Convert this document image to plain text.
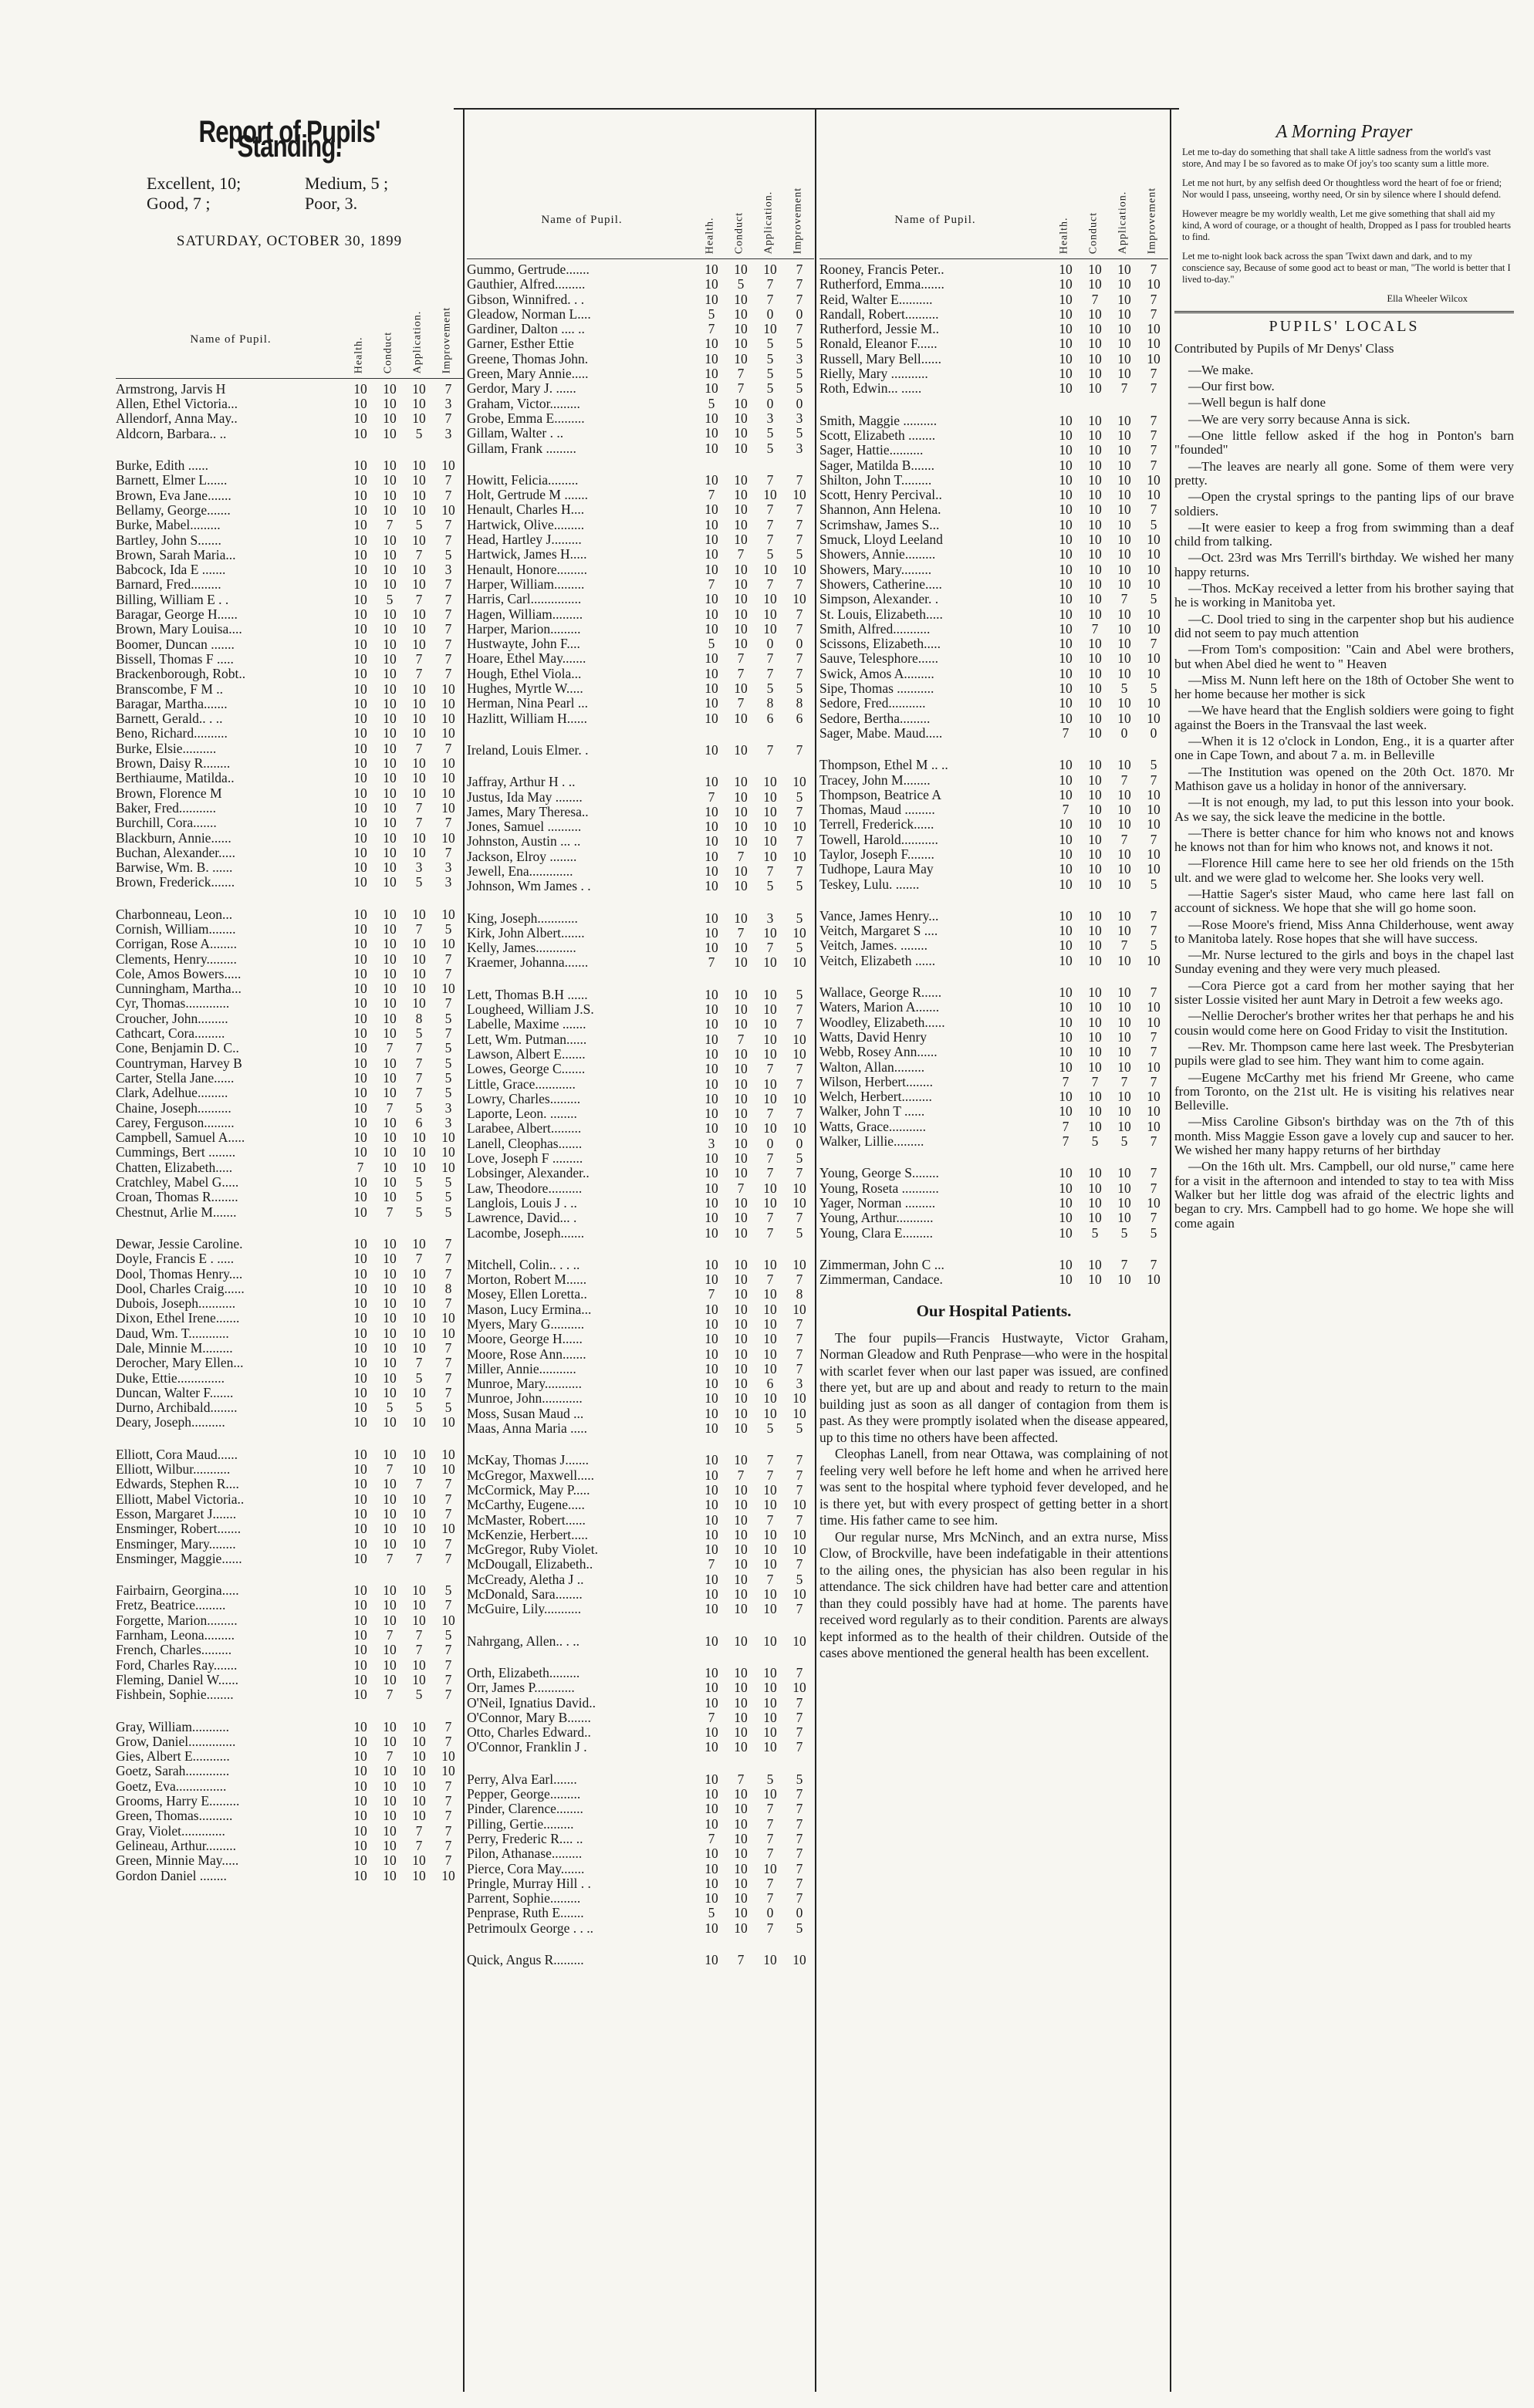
Report of Pupils' Standing.
Excellent, 10;	Medium, 5 ;
Good, 7 ;	Poor, 3.
SATURDAY, OCTOBER 30, 1899
Name of Pupil.	Health. Conduct Application. Improvement
Armstrong, Jarvis H	10	10	10	7
Allen, Ethel Victoria...	10	10	10	3
Allendorf, Anna May..	10	10	10	7
Aldcorn, Barbara.. ..	10	10	5	3

Burke, Edith ......	10	10	10	10
Barnett, Elmer L......	10	10	10	7
Brown, Eva Jane.......	10	10	10	7
Bellamy, George.......	10	10	10	10
Burke, Mabel.........	10	7	5	7
Bartley, John S.......	10	10	10	7
Brown, Sarah Maria...	10	10	7	5
Babcock, Ida E .......	10	10	10	3
Barnard, Fred.........	10	10	10	7
Billing, William E . .	10	5	7	7
Baragar, George H......	10	10	10	7
Brown, Mary Louisa....	10	10	10	7
Boomer, Duncan .......	10	10	10	7
Bissell, Thomas F .....	10	10	7	7
Brackenborough, Robt..	10	10	7	7
Branscombe, F M ..	10	10	10	10
Baragar, Martha.......	10	10	10	10
Barnett, Gerald.. . ..	10	10	10	10
Beno, Richard..........	10	10	10	10
Burke, Elsie..........	10	10	7	7
Brown, Daisy R........	10	10	10	10
Berthiaume, Matilda..	10	10	10	10
Brown, Florence M	10	10	10	10
Baker, Fred...........	10	10	7	10
Burchill, Cora.......	10	10	7	7
Blackburn, Annie......	10	10	10	10
Buchan, Alexander.....	10	10	10	7
Barwise, Wm. B. ......	10	10	3	3
Brown, Frederick.......	10	10	5	3

Charbonneau, Leon...	10	10	10	10
Cornish, William........	10	10	7	5
Corrigan, Rose A........	10	10	10	10
Clements, Henry.........	10	10	10	7
Cole, Amos Bowers.....	10	10	10	7
Cunningham, Martha...	10	10	10	10
Cyr, Thomas.............	10	10	10	7
Croucher, John.........	10	10	8	5
Cathcart, Cora.........	10	10	5	7
Cone, Benjamin D. C..	10	7	7	5
Countryman, Harvey B	10	10	7	5
Carter, Stella Jane......	10	10	7	5
Clark, Adelhue.........	10	10	7	5
Chaine, Joseph..........	10	7	5	3
Carey, Ferguson.........	10	10	6	3
Campbell, Samuel A.....	10	10	10	10
Cummings, Bert ........	10	10	10	10
Chatten, Elizabeth.....	7	10	10	10
Cratchley, Mabel G.....	10	10	5	5
Croan, Thomas R........	10	10	5	5
Chestnut, Arlie M.......	10	7	5	5

Dewar, Jessie Caroline.	10	10	10	7
Doyle, Francis E . .....	10	10	7	7
Dool, Thomas Henry....	10	10	10	7
Dool, Charles Craig......	10	10	10	8
Dubois, Joseph...........	10	10	10	7
Dixon, Ethel Irene.......	10	10	10	10
Daud, Wm. T............	10	10	10	10
Dale, Minnie M.........	10	10	10	7
Derocher, Mary Ellen...	10	10	7	7
Duke, Ettie..............	10	10	5	7
Duncan, Walter F.......	10	10	10	7
Durno, Archibald........	10	5	5	5
Deary, Joseph..........	10	10	10	10

Elliott, Cora Maud......	10	10	10	10
Elliott, Wilbur...........	10	7	10	10
Edwards, Stephen R....	10	10	7	7
Elliott, Mabel Victoria..	10	10	10	7
Esson, Margaret J.......	10	10	10	7
Ensminger, Robert.......	10	10	10	10
Ensminger, Mary........	10	10	10	7
Ensminger, Maggie......	10	7	7	7

Fairbairn, Georgina.....	10	10	10	5
Fretz, Beatrice.........	10	10	10	7
Forgette, Marion.........	10	10	10	10
Farnham, Leona.........	10	7	7	5
French, Charles.........	10	10	7	7
Ford, Charles Ray.......	10	10	10	7
Fleming, Daniel W......	10	10	10	7
Fishbein, Sophie........	10	7	5	7

Gray, William...........	10	10	10	7
Grow, Daniel..............	10	10	10	7
Gies, Albert E...........	10	7	10	10
Goetz, Sarah.............	10	10	10	10
Goetz, Eva...............	10	10	10	7
Grooms, Harry E.........	10	10	10	7
Green, Thomas..........	10	10	10	7
Gray, Violet.............	10	10	7	7
Gelineau, Arthur.........	10	10	7	7
Green, Minnie May.....	10	10	10	7
Gordon Daniel ........	10	10	10	10
Name of Pupil.	Health. Conduct Application. Improvement
Gummo, Gertrude.......	10	10	10	7
Gauthier, Alfred.........	10	5	7	7
Gibson, Winnifred. . .	10	10	7	7
Gleadow, Norman L....	5	10	0	0
Gardiner, Dalton .... ..	7	10	10	7
Garner, Esther Ettie	10	10	5	5
Greene, Thomas John.	10	10	5	3
Green, Mary Annie.....	10	7	5	5
Gerdor, Mary J. ......	10	7	5	5
Graham, Victor.........	5	10	0	0
Grobe, Emma E.........	10	10	3	3
Gillam, Walter . ..	10	10	5	5
Gillam, Frank .........	10	10	5	3

Howitt, Felicia.........	10	10	7	7
Holt, Gertrude M .......	7	10	10	10
Henault, Charles H....	10	10	7	7
Hartwick, Olive.........	10	10	7	7
Head, Hartley J.........	10	10	7	7
Hartwick, James H.....	10	7	5	5
Henault, Honore.........	10	10	10	10
Harper, William.........	7	10	7	7
Harris, Carl...............	10	10	10	10
Hagen, William.........	10	10	10	7
Harper, Marion.........	10	10	10	7
Hustwayte, John F....	5	10	0	0
Hoare, Ethel May.......	10	7	7	7
Hough, Ethel Viola...	10	7	7	7
Hughes, Myrtle W.....	10	10	5	5
Herman, Nina Pearl ...	10	7	8	8
Hazlitt, William H......	10	10	6	6

Ireland, Louis Elmer. .	10	10	7	7

Jaffray, Arthur H . ..	10	10	10	10
Justus, Ida May ........	7	10	10	5
James, Mary Theresa..	10	10	10	7
Jones, Samuel ..........	10	10	10	10
Johnston, Austin ... ..	10	10	10	7
Jackson, Elroy ........	10	7	10	10
Jewell, Ena.............	10	10	7	7
Johnson, Wm James . .	10	10	5	5

King, Joseph............	10	10	3	5
Kirk, John Albert.......	10	7	10	10
Kelly, James............	10	10	7	5
Kraemer, Johanna.......	7	10	10	10

Lett, Thomas B.H ......	10	10	10	5
Lougheed, William J.S.	10	10	10	7
Labelle, Maxime .......	10	10	10	7
Lett, Wm. Putman......	10	7	10	10
Lawson, Albert E.......	10	10	10	10
Lowes, George C.......	10	10	7	7
Little, Grace............	10	10	10	7
Lowry, Charles.........	10	10	10	10
Laporte, Leon. ........	10	10	7	7
Larabee, Albert.........	10	10	10	10
Lanell, Cleophas.......	3	10	0	0
Love, Joseph F .........	10	10	7	5
Lobsinger, Alexander..	10	10	7	7
Law, Theodore..........	10	7	10	10
Langlois, Louis J . ..	10	10	10	10
Lawrence, David... .	10	10	7	7
Lacombe, Joseph.......	10	10	7	5

Mitchell, Colin.. . . ..	10	10	10	10
Morton, Robert M......	10	10	7	7
Mosey, Ellen Loretta..	7	10	10	8
Mason, Lucy Ermina...	10	10	10	10
Myers, Mary G..........	10	10	10	7
Moore, George H......	10	10	10	7
Moore, Rose Ann.......	10	10	10	7
Miller, Annie...........	10	10	10	7
Munroe, Mary...........	10	10	6	3
Munroe, John............	10	10	10	10
Moss, Susan Maud ...	10	10	10	10
Maas, Anna Maria .....	10	10	5	5

McKay, Thomas J.......	10	10	7	7
McGregor, Maxwell.....	10	7	7	7
McCormick, May P.....	10	10	10	7
McCarthy, Eugene.....	10	10	10	10
McMaster, Robert......	10	10	7	7
McKenzie, Herbert.....	10	10	10	10
McGregor, Ruby Violet.	10	10	10	10
McDougall, Elizabeth..	7	10	10	7
McCready, Aletha J ..	10	10	7	5
McDonald, Sara........	10	10	10	10
McGuire, Lily...........	10	10	10	7

Nahrgang, Allen.. . ..	10	10	10	10

Orth, Elizabeth.........	10	10	10	7
Orr, James P............	10	10	10	10
O'Neil, Ignatius David..	10	10	10	7
O'Connor, Mary B.......	7	10	10	7
Otto, Charles Edward..	10	10	10	7
O'Connor, Franklin J .	10	10	10	7

Perry, Alva Earl.......	10	7	5	5
Pepper, George.........	10	10	10	7
Pinder, Clarence........	10	10	7	7
Pilling, Gertie.........	10	10	7	7
Perry, Frederic R.... ..	7	10	7	7
Pilon, Athanase.........	10	10	7	7
Pierce, Cora May.......	10	10	10	7
Pringle, Murray Hill . .	10	10	7	7
Parrent, Sophie.........	10	10	7	7
Penprase, Ruth E.......	5	10	0	0
Petrimoulx George . . ..	10	10	7	5

Quick, Angus R.........	10	7	10	10
Name of Pupil.	Health. Conduct Application. Improvement
Rooney, Francis Peter..	10	10	10	7
Rutherford, Emma.......	10	10	10	10
Reid, Walter E..........	10	7	10	7
Randall, Robert..........	10	10	10	7
Rutherford, Jessie M..	10	10	10	10
Ronald, Eleanor F......	10	10	10	10
Russell, Mary Bell......	10	10	10	10
Rielly, Mary ...........	10	10	10	7
Roth, Edwin... ......	10	10	7	7

Smith, Maggie ..........	10	10	10	7
Scott, Elizabeth ........	10	10	10	7
Sager, Hattie..........	10	10	10	7
Sager, Matilda B.......	10	10	10	7
Shilton, John T.........	10	10	10	10
Scott, Henry Percival..	10	10	10	10
Shannon, Ann Helena.	10	10	10	7
Scrimshaw, James S...	10	10	10	5
Smuck, Lloyd Leeland	10	10	10	10
Showers, Annie.........	10	10	10	10
Showers, Mary.........	10	10	10	10
Showers, Catherine.....	10	10	10	10
Simpson, Alexander. .	10	10	7	5
St. Louis, Elizabeth.....	10	10	10	10
Smith, Alfred...........	10	7	10	10
Scissons, Elizabeth.....	10	10	10	7
Sauve, Telesphore......	10	10	10	10
Swick, Amos A.........	10	10	10	10
Sipe, Thomas ...........	10	10	5	5
Sedore, Fred...........	10	10	10	10
Sedore, Bertha.........	10	10	10	10
Sager, Mabe. Maud.....	7	10	0	0

Thompson, Ethel M .. ..	10	10	10	5
Tracey, John M........	10	10	7	7
Thompson, Beatrice A	10	10	10	10
Thomas, Maud .........	7	10	10	10
Terrell, Frederick......	10	10	10	10
Towell, Harold...........	10	10	7	7
Taylor, Joseph F........	10	10	10	10
Tudhope, Laura May	10	10	10	10
Teskey, Lulu. .......	10	10	10	5

Vance, James Henry...	10	10	10	7
Veitch, Margaret S ....	10	10	10	7
Veitch, James. ........	10	10	7	5
Veitch, Elizabeth ......	10	10	10	10

Wallace, George R......	10	10	10	7
Waters, Marion A.......	10	10	10	10
Woodley, Elizabeth......	10	10	10	10
Watts, David Henry	10	10	10	7
Webb, Rosey Ann......	10	10	10	7
Walton, Allan.........	10	10	10	10
Wilson, Herbert........	7	7	7	7
Welch, Herbert.........	10	10	10	10
Walker, John T ......	10	10	10	10
Watts, Grace...........	7	10	10	10
Walker, Lillie.........	7	5	5	7

Young, George S........	10	10	10	7
Young, Roseta ...........	10	10	10	7
Yager, Norman .........	10	10	10	10
Young, Arthur...........	10	10	10	7
Young, Clara E.........	10	5	5	5

Zimmerman, John C ...	10	10	7	7
Zimmerman, Candace.	10	10	10	10
Our Hospital Patients.

The four pupils—Francis Hustwayte, Victor Graham, Norman Gleadow and Ruth Penprase—who were in the hospital with scarlet fever when our last paper was issued, are confined there yet, but are up and about and ready to return to the main building just as soon as all danger of contagion from them is past. As they were promptly isolated when the disease appeared, up to this time no others have been affected.

Cleophas Lanell, from near Ottawa, was complaining of not feeling very well before he left home and when he arrived here was sent to the hospital where typhoid fever developed, and he is there yet, but with every prospect of getting better in a short time. His father came to see him.

Our regular nurse, Mrs McNinch, and an extra nurse, Miss Clow, of Brockville, have been indefatigable in their attentions to the ailing ones, the physician has also been regular in his attendance. The sick children have had better care and attention than they could possibly have had at home. The parents have received word regularly as to their condition. Parents are always kept informed as to the health of their children. Outside of the cases above mentioned the general health has been excellent.

A Morning Prayer

Let me to-day do something that shall take A little sadness from the world's vast store, And may I be so favored as to make Of joy's too scanty sum a little more.

Let me not hurt, by any selfish deed Or thoughtless word the heart of foe or friend; Nor would I pass, unseeing, worthy need, Or sin by silence where I should defend.

However meagre be my worldly wealth, Let me give something that shall aid my kind, A word of courage, or a thought of health, Dropped as I pass for troubled hearts to find.

Let me to-night look back across the span 'Twixt dawn and dark, and to my conscience say, Because of some good act to beast or man, "The world is better that I lived to-day."

Ella Wheeler Wilcox
PUPILS' LOCALS
Contributed by Pupils of Mr Denys' Class

—We make.

—Our first bow.

—Well begun is half done

—We are very sorry because Anna is sick.

—One little fellow asked if the hog in Ponton's barn "founded"

—The leaves are nearly all gone. Some of them were very pretty.

—Open the crystal springs to the panting lips of our brave soldiers.

—It were easier to keep a frog from swimming than a deaf child from talking.

—Oct. 23rd was Mrs Terrill's birthday. We wished her many happy returns.

—Thos. McKay received a letter from his brother saying that he is working in Manitoba yet.

—C. Dool tried to sing in the carpenter shop but his audience did not seem to pay much attention

—From Tom's composition: "Cain and Abel were brothers, but when Abel died he went to " Heaven

—Miss M. Nunn left here on the 18th of October She went to her home because her mother is sick

—We have heard that the English soldiers were going to fight against the Boers in the Transvaal the last week.

—When it is 12 o'clock in London, Eng., it is a quarter after one in Cape Town, and about 7 a. m. in Belleville

—The Institution was opened on the 20th Oct. 1870. Mr Mathison gave us a holiday in honor of the anniversary.

—It is not enough, my lad, to put this lesson into your book. As we say, the sick leave the medicine in the bottle.

—There is better chance for him who knows not and knows he knows not than for him who knows not, and knows it not.

—Florence Hill came here to see her old friends on the 15th ult. and we were glad to welcome her. She looks very well.

—Hattie Sager's sister Maud, who came here last fall on account of sickness. We hope that she will go home soon.

—Rose Moore's friend, Miss Anna Childerhouse, went away to Manitoba lately. Rose hopes that she will have success.

—Mr. Nurse lectured to the girls and boys in the chapel last Sunday evening and they were very much pleased.

—Cora Pierce got a card from her mother saying that her sister Lossie visited her aunt Mary in Detroit a few weeks ago.

—Nellie Derocher's brother writes her that perhaps he and his cousin would come here on Good Friday to visit the Institution.

—Rev. Mr. Thompson came here last week. The Presbyterian pupils were glad to see him. They want him to come again.

—Eugene McCarthy met his friend Mr Greene, who came from Toronto, on the 21st ult. He is visiting his relatives near Belleville.

—Miss Caroline Gibson's birthday was on the 7th of this month. Miss Maggie Esson gave a lovely cup and saucer to her. We wished her many happy returns of her birthday

—On the 16th ult. Mrs. Campbell, our old nurse," came here for a visit in the afternoon and intended to stay to tea with Miss Walker but her little dog was afraid of the electric lights and began to cry. Mrs. Campbell had to go home. We hope she will come again
